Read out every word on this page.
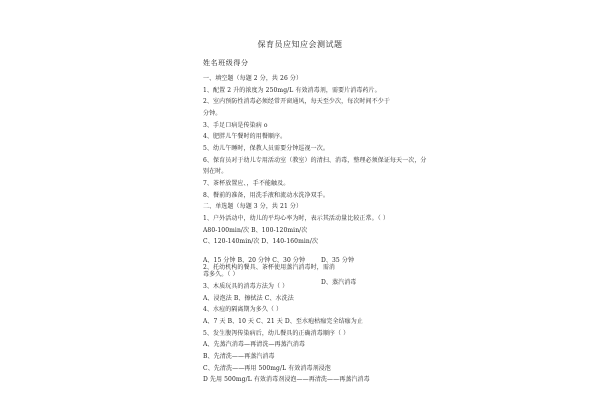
保育员应知应会测试题
姓名班级得分
一、填空题（每题 2 分，共 26 分）
1、配置 2 升的浓度为 250mg/L 有效消毒剂，需要片消毒药片。
2、室内预防性消毒必须经常开窗通风，每天至少次，每次时间不少于
分钟。
3、手足口病是传染病 o
4、肥胖儿午餐时的用餐顺序。
5、幼儿午睡时，保教人员需要分钟巡视一次。
6、保育员对于幼儿专用活动室（教室）的清扫、消毒，整理必须保证每天一次，分
别在时。
7、茶杯放置应、，手不能触及。
8、餐前的准备，用洗手液和流动水洗净双手。
二、单选题（每题 3 分，共 21 分）
1、户外活动中，幼儿的平均心率为时，表示其活动量比较正常。（ ）
A80-100min/次 B、100-120min/次
C、120-140min/次 D、140-160min/次
A、15 分钟 B、20 分钟 C、30 分钟	D、35 分钟
2、托幼机构的餐具、茶杯使用蒸汽消毒时，需消
毒多久。（ ）
3、木质玩具的消毒方法为（ ）
D、蒸汽消毒
A、浸泡法 B、擦拭法 C、水洗法
4、水痘的隔离期为多久（ ）
A、7 天 B、10 天 C、21 天 D、至水疱枯痂完全结痂为止
5、发生腹泻传染病后，幼儿餐具的正确消毒顺序（ ）
A、先蒸汽消毒—再清洗—再蒸汽消毒
B、先清洗——再蒸汽消毒
C、先清洗——再用 500mg/L 有效消毒剂浸泡
D 先用 500mg/L 有效消毒剂浸泡——再清洗——再蒸汽消毒
